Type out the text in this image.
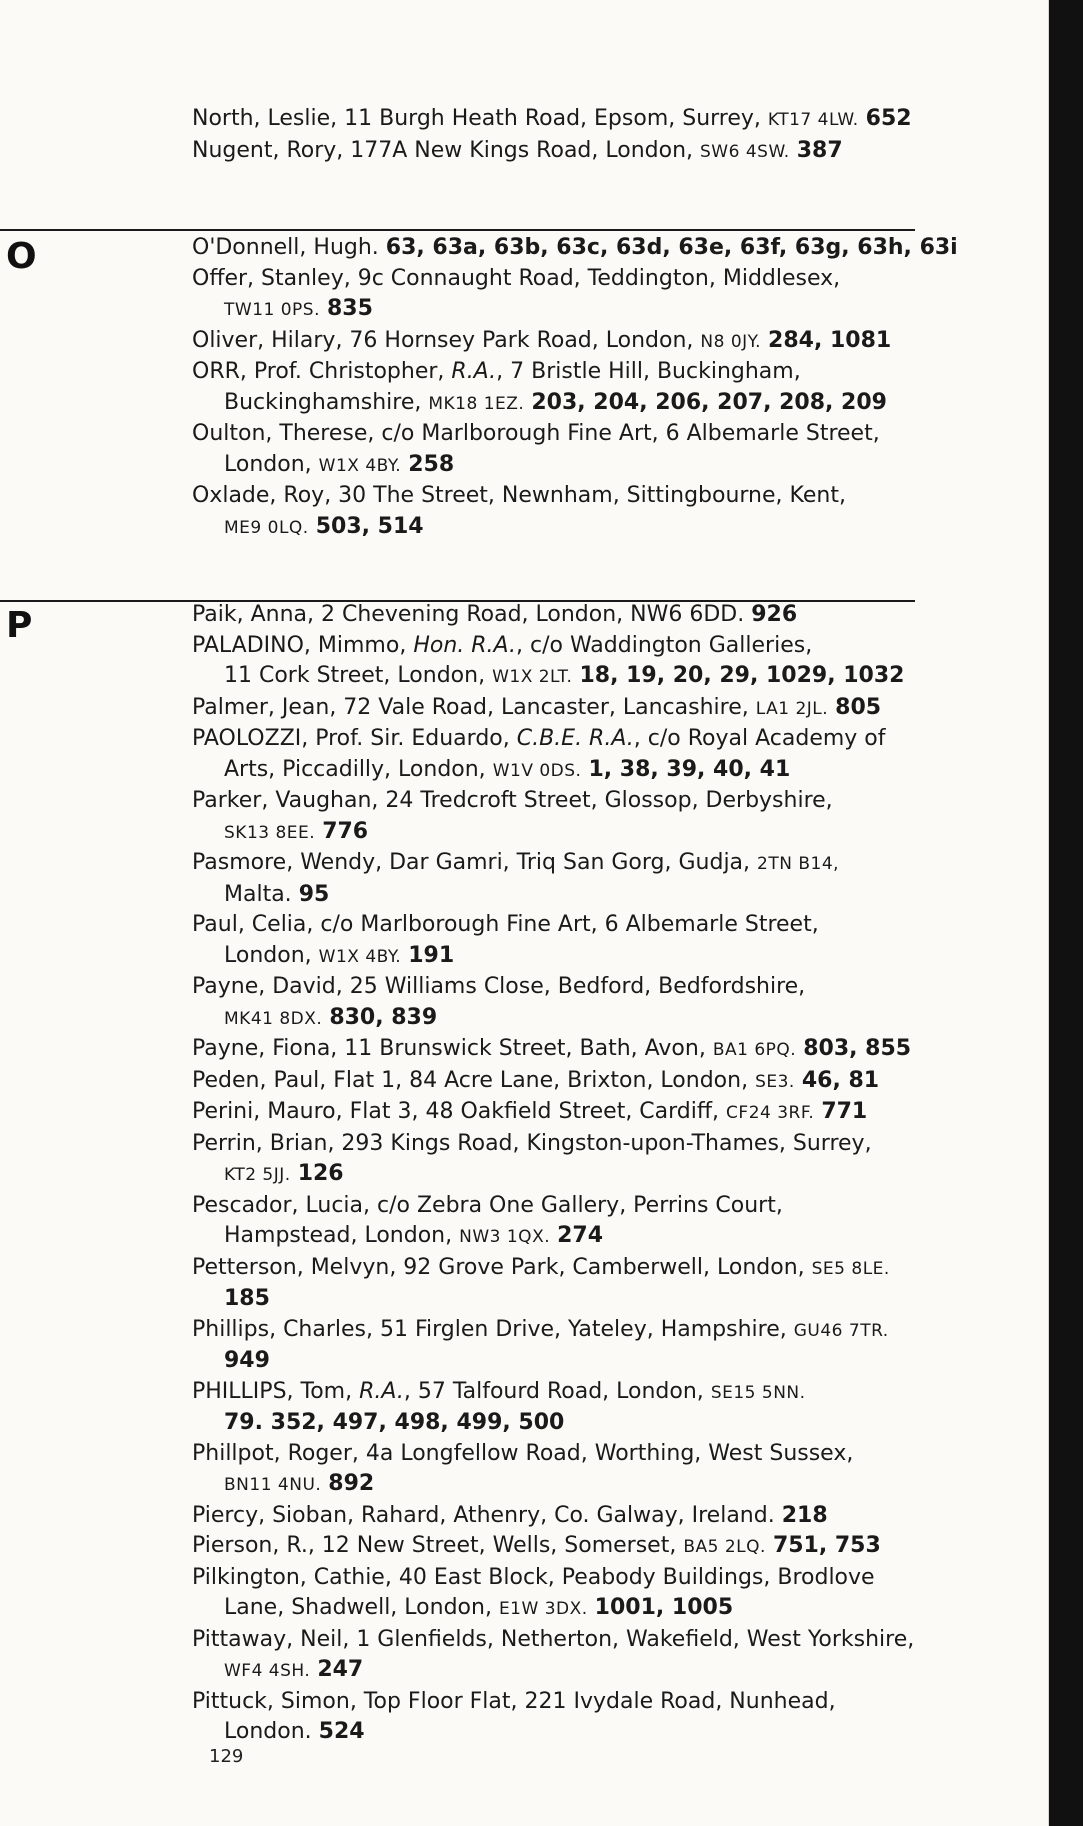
North, Leslie, 11 Burgh Heath Road, Epsom, Surrey, KT17 4LW. 652
Nugent, Rory, 177A New Kings Road, London, SW6 4SW. 387
O	O'Donnell, Hugh. 63, 63a, 63b, 63c, 63d, 63e, 63f, 63g, 63h, 63i
Offer, Stanley, 9c Connaught Road, Teddington, Middlesex,
TW11 0PS. 835
Oliver, Hilary, 76 Hornsey Park Road, London, N8 0JY. 284, 1081
ORR, Prof. Christopher, R.A., 7 Bristle Hill, Buckingham,
Buckinghamshire, MK18 1EZ. 203, 204, 206, 207, 208, 209
Oulton, Therese, c/o Marlborough Fine Art, 6 Albemarle Street,
London, W1X 4BY. 258
Oxlade, Roy, 30 The Street, Newnham, Sittingbourne, Kent,
ME9 0LQ. 503, 514
P	Paik, Anna, 2 Chevening Road, London, NW6 6DD. 926
PALADINO, Mimmo, Hon. R.A., c/o Waddington Galleries,
11 Cork Street, London, W1X 2LT. 18, 19, 20, 29, 1029, 1032
Palmer, Jean, 72 Vale Road, Lancaster, Lancashire, LA1 2JL. 805
PAOLOZZI, Prof. Sir. Eduardo, C.B.E. R.A., c/o Royal Academy of
Arts, Piccadilly, London, W1V 0DS. 1, 38, 39, 40, 41
Parker, Vaughan, 24 Tredcroft Street, Glossop, Derbyshire,
SK13 8EE. 776
Pasmore, Wendy, Dar Gamri, Triq San Gorg, Gudja, 2TN B14,
Malta. 95
Paul, Celia, c/o Marlborough Fine Art, 6 Albemarle Street,
London, W1X 4BY. 191
Payne, David, 25 Williams Close, Bedford, Bedfordshire,
MK41 8DX. 830, 839
Payne, Fiona, 11 Brunswick Street, Bath, Avon, BA1 6PQ. 803, 855
Peden, Paul, Flat 1, 84 Acre Lane, Brixton, London, SE3. 46, 81
Perini, Mauro, Flat 3, 48 Oakfield Street, Cardiff, CF24 3RF. 771
Perrin, Brian, 293 Kings Road, Kingston-upon-Thames, Surrey,
KT2 5JJ. 126
Pescador, Lucia, c/o Zebra One Gallery, Perrins Court,
Hampstead, London, NW3 1QX. 274
Petterson, Melvyn, 92 Grove Park, Camberwell, London, SE5 8LE.
185
Phillips, Charles, 51 Firglen Drive, Yateley, Hampshire, GU46 7TR.
949
PHILLIPS, Tom, R.A., 57 Talfourd Road, London, SE15 5NN.
79. 352, 497, 498, 499, 500
Phillpot, Roger, 4a Longfellow Road, Worthing, West Sussex,
BN11 4NU. 892
Piercy, Sioban, Rahard, Athenry, Co. Galway, Ireland. 218
Pierson, R., 12 New Street, Wells, Somerset, BA5 2LQ. 751, 753
Pilkington, Cathie, 40 East Block, Peabody Buildings, Brodlove
Lane, Shadwell, London, E1W 3DX. 1001, 1005
Pittaway, Neil, 1 Glenfields, Netherton, Wakefield, West Yorkshire,
WF4 4SH. 247
Pittuck, Simon, Top Floor Flat, 221 Ivydale Road, Nunhead,
London. 524
129
